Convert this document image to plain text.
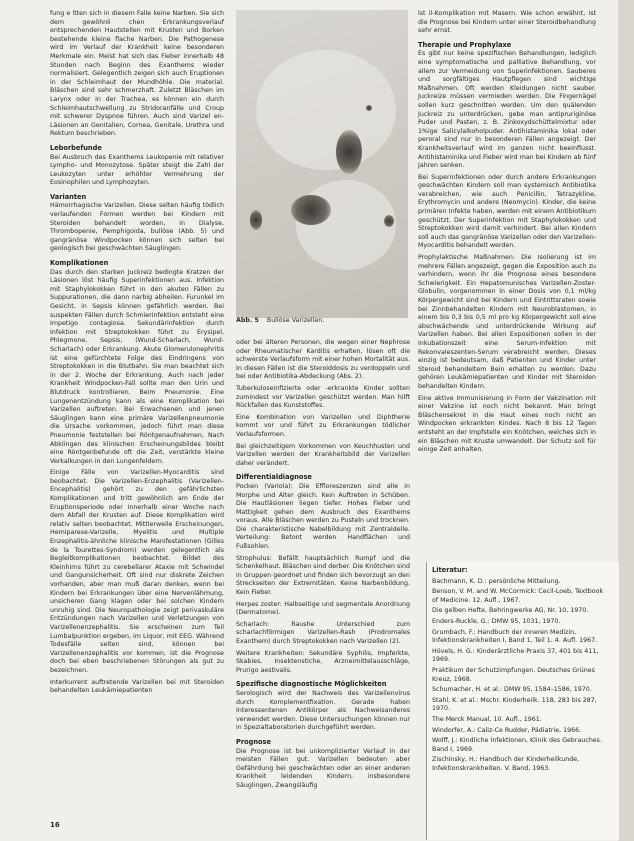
fung e ltten sich in diesem Falle keine Narben. Sie sich dem gewöhnli chen Erkrankungsverlauf entsprechenden Hautstellen mit Krusten und Borken bestehende kleine flache Narben. Die Pathogenese wird im Verlauf der Krankheit keine besonderen Merkmale ein. Meist hat sich das Fieber innerhalb 48 Stunden nach Beginn des Exanthems wieder normalisiert. Gelegentlich zeigen sich auch Eruptionen in der Schleimhaut der Mundhöhle. Die material. Bläschen sind sehr schmerzhaft. Zuletzt Bläschen im Larynx oder in der Trachea, es können ein durch Schleimhautschwellung zu Stridoranfälle und Croup mit schwerer Dyspnoe führen. Auch sind Varizel en-Läsionen an Genitalien, Cornea, Genitale, Urethra und Rektum beschrieben.

Leborbefunde

Bei Ausbruch des Exanthems Leukopenie mit relativer Lympho- und Monozytose. Später steigt die Zahl der Leukozyten unter erhöhter Vermehrung der Eosinophilen und Lymphozyten.

Varianten

Hämorrhagische Varizellen. Diese selten häufig tödlich verlaufenden Formen werden bei Kindern mit Steroiden behandelt worden, in Dialyse, Thrombopenie, Pemphigoida, bullöse (Abb. 5) und gangränöse Windpocken können sich selten bei geologisch bei geschwächten Säuglingen.

Komplikationen

Das durch den starken Juckreiz bedingte Kratzen der Läsionen löst häufig Superinfektionen aus. Infektion mit Staphylokokken führt in den akuten Fällen zu Suppurationen, die dann narbig abheilen. Furunkel im Gesicht, in Sepsis können gefährlich werden. Bei suspekten Fällen durch Schmierinfektion entsteht eine Impetigo contagiosa. Sekundärinfektion durch Infektion mit Streptokokken führt zu Erysipel, Phlegmone, Sepsis, (Wund-Scharlach, Wund-Scharlach) oder Erkrankung. Akute Glomerulonephritis ist eine gefürchtete Folge des Eindringens von Streptokokken in die Blutbahn. Sie man beachtet sich in der 2. Woche der Erkrankung. Auch nach jeder Krankheit Windpocken-Fall sollte man den Urin und Blutdruck kontrollieren. Beim Pneumonie. Eine Lungenentzündung kann als eine Komplikation bei Varizellen auftreten. Bei Erwachsenen und jenen Säuglingen kann eine primäre Varizellenpneumonie die Ursache vorkommen, jedoch führt man diese Pneumonie feststellen bei Röntgenaufnahmen, Nach Abklingen des klinischen Erscheinungsbildes bleibt eine Röntgenbefunde oft die Zeit, verstärkte kleine Verkalkungen in den Lungenfeldern.

Einige Fälle von Varizellen-Myocarditis sind beobachtet. Die Varizellen-Enzephalitis (Varizellen-Encephalitis) gehört zu den gefährlichsten Komplikationen und tritt gewöhnlich am Ende der Eruptionsperiode oder innerhalb einer Woche nach dem Abfall der Krusten auf. Diese Komplikation wird relativ selten beobachtet. Mittlerweile Erscheinungen, Hemiparese-Varizelle, Myelitis und Multiple Enzephalitis-ähnliche klinische Manifestationen (Gilles de la Tourettes-Syndrom) werden gelegentlich als Begleitkomplikationen beobachtet. Bildet des Kleinhirns führt zu cerebellarer Ataxie mit Schwindel und Gangunsicherheit. Oft sind nur diskrete Zeichen vorhanden, aber man muß daran denken, wenn bei Kindern bei Erkrankungen über eine Nervenlähmung, unsicheren Gang klagen oder bei solchen Kindern unruhig sind. Die Neuropathologie zeigt perivaskuläre Entzündungen nach Varizellen und Verletzungen von Varizellenenzephalitis. Sie erscheinen zum Teil Lumbalpunktion ergeben, im Liquor, mit EEG. Während Todesfälle selten sind, können bei Varizellenenzephalitis vor kommen, ist die Prognose doch bei eben beschriebenen Störungen als gut zu bezeichnen.

Interkurrent auftretende Varizellen bei mit Steroiden behandelten Leukämiepatienten

Abb. 5 Bullöse Varizellen.

oder bei älteren Personen, die wegen einer Nephrose oder Rheumatischer Karditis erhalten, lösen oft die schwerste Verlaufsform mit einer hohen Mortalität aus. In diesen Fällen ist die Steroiddosis zu verdoppeln und bei oder Antibiotika-Abdeckung (Abs. 2).

Tuberkuloseinfizierte oder -erkrankte Kinder sollten zumindest vor Varizellen geschützt werden. Man hilft Rückfallen des Kunststoffes.

Eine Kombination von Varizellen und Diphtherie kommt vor und führt zu Erkrankungen tödlicher Verlaufsformen.

Bei gleichzeitigem Vorkommen von Keuchhusten und Varizellen werden der Krankheitsbild der Varizellen daher verändert.

Differentialdiagnose

Pocken (Variola): Die Effloreszenzen sind alle in Morphe und Alter gleich. Kein Auftreten in Schüben. Die Hautläsionen liegen tiefer. Hohes Fieber und Mattigkeit gehen dem Ausbruch des Exanthems voraus. Alle Bläschen werden zu Pusteln und trocknen. Die charakteristische Nabelbildung mit Zentraldelle. Verteilung: Betont werden Handflächen und Fußsohlen.

Strophulus: Befällt hauptsächlich Rumpf und die Schenkelhaut. Bläschen sind derber. Die Knötchen sind in Gruppen geordnet und finden sich bevorzugt an den Streckseiten der Extremitäten. Keine Narbenbildung. Kein Fieber.

Herpes zoster: Halbseitige und segmentale Anordnung (Dermatome).

Scharlach: Raushe Unterschied zum scharlachförmigen Varizellen-Rash (Prodromales Exanthem) durch Streptokokken nach Varizellen (2).

Weitere Krankheiten: Sekundäre Syphilis, Impferkte, Skabies, Insektenstiche, Arzneimittelausschläge, Prurigo aestivalis.

Spezifische diagnostische Möglichkeiten

Serologisch wird der Nachweis des Varizellenvirus durch Komplementfixation. Gerade haben Interessentenen Antikörper als Nachweisanderes verwendet werden. Diese Untersuchungen können nur in Spezialtaboratorien durchgeführt werden.

Prognose

Die Prognose ist bei unkomplizierter Verlauf in der meisten Fällen gut. Varizellen bedeuten aber Gefährdung bei geschwächten oder an einer anderen Krankheit leidenden Kindern, insbesondere Säuglingen, Zwangsläufig

lst il-Komplikation mit Masern. Wie schon erwähnt, ist die Prognose bei Kindern unter einer Steroidbehandlung sehr ernst.

Therapie und Prophylaxe

Es gibt nur keine spezifischen Behandlungen, lediglich eine symptomatische und palliative Behandlung, vor allem zur Vermeidung von Superinfektionen. Sauberes und sorgfältiges Hautpflegen sind wichtige Maßnahmen. Oft werden Kleidungen nicht sauber. Juckreize müssen vermieden werden. Die Fingernägel sollen kurz geschnitten werden. Um den quälenden Juckreiz zu unterdrücken, gebe man antipruriginöse Puder und Pasten, z. B. Zinkoxydschüttelmixtur oder 1%ige Salicylalkoholpuder. Antihistaminika lokal oder peroral sind nur in besonderen Fällen angezeigt. Der Krankheitsverlauf wird im ganzen nicht beeinflusst. Antihistaminika und Fieber wird man bei Kindern ab fünf Jahren senken.

Bei Superinfektionen oder durch andere Erkrankungen geschwächten Kindern soll man systemisch Antibiotika verabreichen, wie auch Penicillin, Tetrazykline, Erythromycin und andere (Neomycin). Kinder, die keine primären Infekte haben, werden mit einem Antibiotikum geschützt. Der Superinfektion mit Staphylokokken und Streptokokken wird damit verhindert. Bei allen Kindern soll auch das gangränöse Varizellen oder den Varizellen-Myocarditis behandelt werden.

Prophylaktische Maßnahmen: Die Isolierung ist im mehrere Fällen angezeigt, gegen die Exposition auch zu verhindern, wenn ihr die Prognose eines besondere Schwierigkeit. Ein Hepatomunisches Varizellen-Zoster-Globulin, vorgenommen in einer Dosis von 0,1 ml/kg Körpergewicht sind bei Kindern und Eintrittsraten sowie bei Zinnbehandelten Kindern mit Neuroblastomen, in einem bis 0,3 bis 0,5 ml pro kg Körpergewicht soll eine abschwächende und unterdrückende Wirkung auf Varizellen haben. Bei allen Expositionen sollen in der Inkubationszeit eine Serum-Infektion mit Rekonvaleszenten-Serum verabreicht werden. Dieses einzig ist bedeutsam, daß Patienten und Kinder unter Steroid behandeltem Bein erhalten zu werden. Dazu gehören Leukämiepatienten und Kinder mit Steroiden behandelten Kindern.

Eine aktive Immunisierung in Form der Vakzination mit einer Vakzine ist noch nicht bekannt. Man bringt Bläschensekret in die Haut eines noch nicht an Windpocken erkrankten Kindes. Nach 8 bis 12 Tagen entsteht an der Impfstelle ein Knötchen, welches sich in ein Bläschen mit Kruste umwandelt. Der Schutz soll für einige Zeit anhalten.

Literatur:

Bachmann, K. D.: persönliche Mitteilung.

Benson, V. M. and W. McCormick: Cecil-Loeb, Textbook of Medicine. 12. Aufl., 1967.

Die gelben Hefte, Behringwerke AG, Nr. 10, 1970.

Enders-Ruckle, G.: DMW 95, 1031, 1970.

Grumbach, F.: Handbuch der inneren Medizin, Infektionskrankheiten I, Band 1, Teil 1. 4. Aufl. 1967.

Hövels, H. G.: Kinderärztliche Praxis 37, 401 bis 411, 1969.

Praktikum der Schutzimpfungen. Deutsches Grünes Kreuz, 1968.

Schumacher, H. et al.: DMW 95, 1584–1586, 1970.

Stahl, K. et al.: Mschr. Kinderheilk. 118, 283 bis 287, 1970.

The Merck Manual, 10. Aufl., 1961.

Windorfer, A.: Caliz-Ce Rudder, Pädiatrie, 1966.

Wolff, J.: Kindliche Infektionen, Klinik des Gebrauches. Band I, 1969.

Zischinsky, H.: Handbuch der Kinderheilkunde, Infektionskrankheiten. V. Band, 1963.

16
